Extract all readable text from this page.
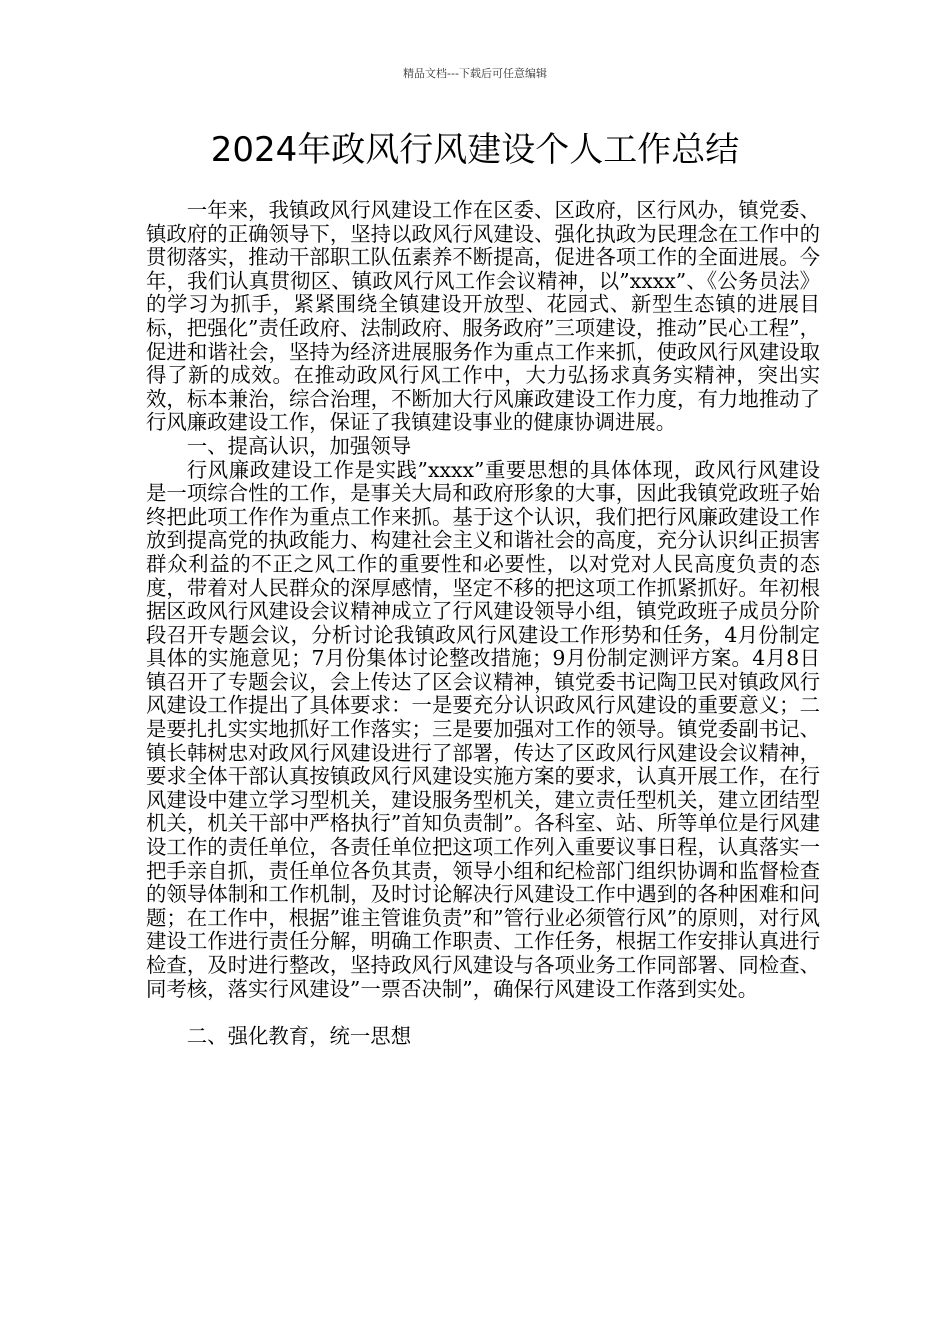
精品文档---下载后可任意编辑
2024年政风行风建设个人工作总结

一年来，我镇政风行风建设工作在区委、区政府，区行风办，镇党委、镇政府的正确领导下，坚持以政风行风建设、强化执政为民理念在工作中的贯彻落实，推动干部职工队伍素养不断提高，促进各项工作的全面进展。今年，我们认真贯彻区、镇政风行风工作会议精神，以”xxxx”、《公务员法》的学习为抓手，紧紧围绕全镇建设开放型、花园式、新型生态镇的进展目标，把强化”责任政府、法制政府、服务政府”三项建设，推动”民心工程”，促进和谐社会，坚持为经济进展服务作为重点工作来抓，使政风行风建设取得了新的成效。在推动政风行风工作中，大力弘扬求真务实精神，突出实效，标本兼治，综合治理，不断加大行风廉政建设工作力度，有力地推动了行风廉政建设工作，保证了我镇建设事业的健康协调进展。

一、提高认识，加强领导

行风廉政建设工作是实践”xxxx”重要思想的具体体现，政风行风建设是一项综合性的工作，是事关大局和政府形象的大事，因此我镇党政班子始终把此项工作作为重点工作来抓。基于这个认识，我们把行风廉政建设工作放到提高党的执政能力、构建社会主义和谐社会的高度，充分认识纠正损害群众利益的不正之风工作的重要性和必要性，以对党对人民高度负责的态度，带着对人民群众的深厚感情，坚定不移的把这项工作抓紧抓好。年初根据区政风行风建设会议精神成立了行风建设领导小组，镇党政班子成员分阶段召开专题会议，分析讨论我镇政风行风建设工作形势和任务，4月份制定具体的实施意见；7月份集体讨论整改措施；9月份制定测评方案。4月8日镇召开了专题会议，会上传达了区会议精神，镇党委书记陶卫民对镇政风行风建设工作提出了具体要求：一是要充分认识政风行风建设的重要意义；二是要扎扎实实地抓好工作落实；三是要加强对工作的领导。镇党委副书记、镇长韩树忠对政风行风建设进行了部署，传达了区政风行风建设会议精神，要求全体干部认真按镇政风行风建设实施方案的要求，认真开展工作，在行风建设中建立学习型机关，建设服务型机关，建立责任型机关，建立团结型机关，机关干部中严格执行”首知负责制”。各科室、站、所等单位是行风建设工作的责任单位，各责任单位把这项工作列入重要议事日程，认真落实一把手亲自抓，责任单位各负其责，领导小组和纪检部门组织协调和监督检查的领导体制和工作机制，及时讨论解决行风建设工作中遇到的各种困难和问题；在工作中，根据”谁主管谁负责”和”管行业必须管行风”的原则，对行风建设工作进行责任分解，明确工作职责、工作任务，根据工作安排认真进行检查，及时进行整改，坚持政风行风建设与各项业务工作同部署、同检查、同考核，落实行风建设”一票否决制”，确保行风建设工作落到实处。

二、强化教育，统一思想
